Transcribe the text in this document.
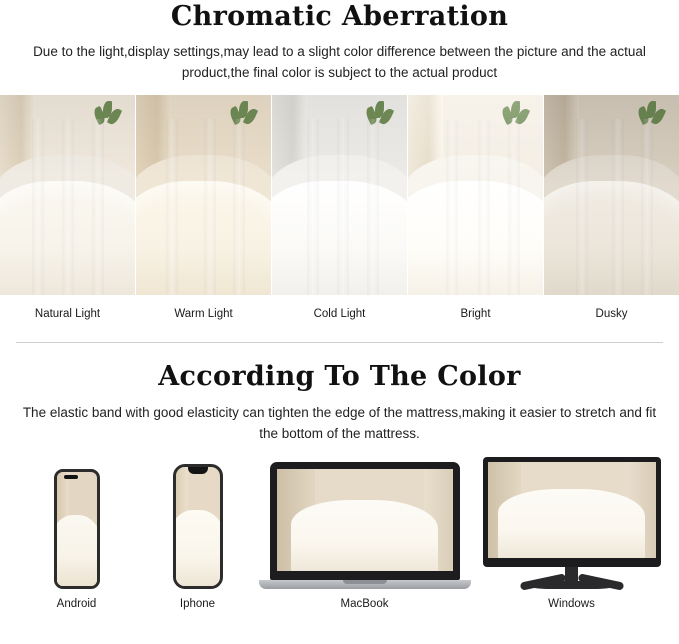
Chromatic Aberration

Due to the light,display settings,may lead to a slight color difference between the picture and the actual product,the final color is subject to the actual product

Natural Light	Warm Light	Cold Light	Bright	Dusky
According To The Color

The elastic band with good elasticity can tighten the edge of the mattress,making it easier to stretch and fit the bottom of the mattress.

Android	Iphone	MacBook	Windows
